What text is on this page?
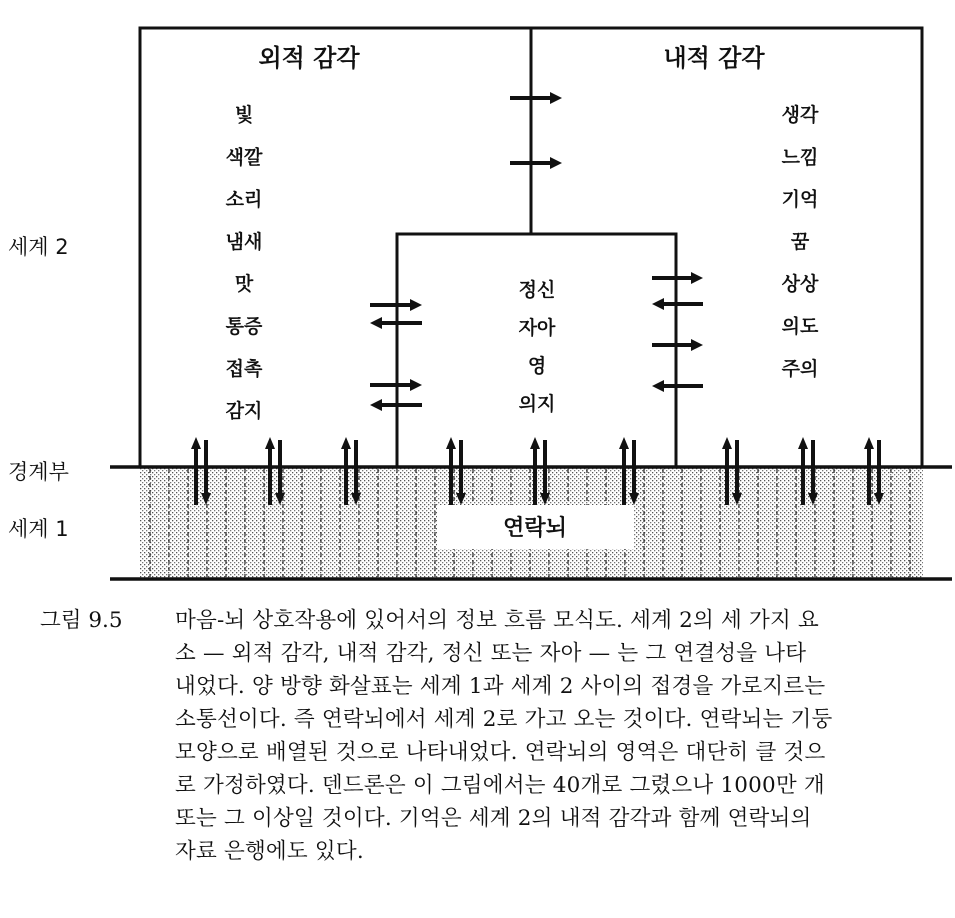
연락뇌
외적 감각	내적 감각
세계 2
경계부
세계 1
빛
색깔
소리
냄새
맛
통증
접촉
감지
생각
느낌
기억
꿈
상상
의도
주의
정신
자아
영
의지
그림 9.5	마음-뇌 상호작용에 있어서의 정보 흐름 모식도. 세계 2의 세 가지 요
소 — 외적 감각, 내적 감각, 정신 또는 자아 — 는 그 연결성을 나타
내었다. 양 방향 화살표는 세계 1과 세계 2 사이의 접경을 가로지르는
소통선이다. 즉 연락뇌에서 세계 2로 가고 오는 것이다. 연락뇌는 기둥
모양으로 배열된 것으로 나타내었다. 연락뇌의 영역은 대단히 클 것으
로 가정하였다. 덴드론은 이 그림에서는 40개로 그렸으나 1000만 개
또는 그 이상일 것이다. 기억은 세계 2의 내적 감각과 함께 연락뇌의
자료 은행에도 있다.
